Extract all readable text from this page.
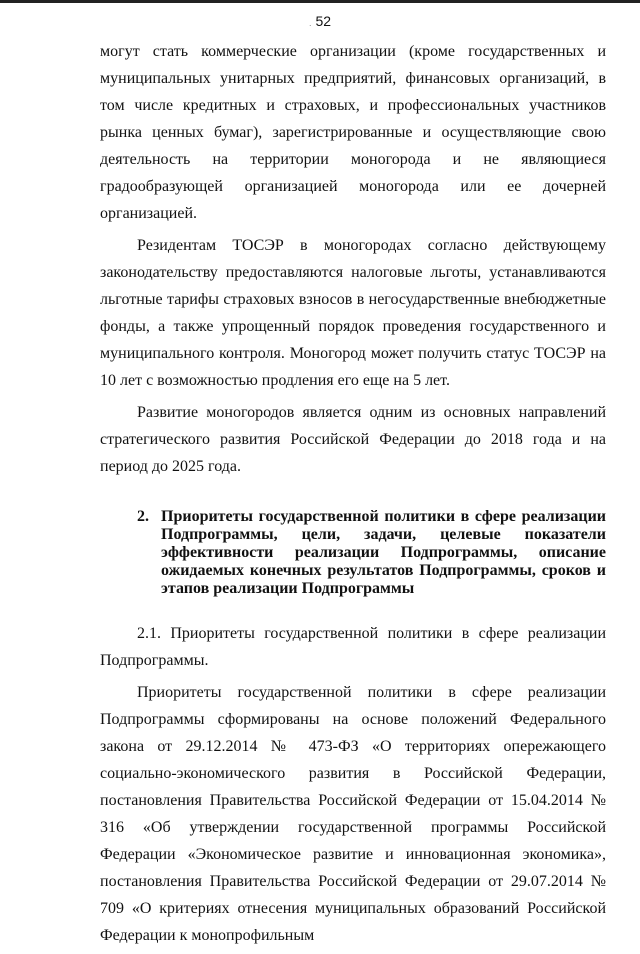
. 52

могут стать коммерческие организации (кроме государственных и муниципальных унитарных предприятий, финансовых организаций, в том числе кредитных и страховых, и профессиональных участников рынка ценных бумаг), зарегистрированные и осуществляющие свою деятельность на территории моногорода и не являющиеся градообразующей организацией моногорода или ее дочерней организацией.

Резидентам ТОСЭР в моногородах согласно действующему законодательству предоставляются налоговые льготы, устанавливаются льготные тарифы страховых взносов в негосударственные внебюджетные фонды, а также упрощенный порядок проведения государственного и муниципального контроля. Моногород может получить статус ТОСЭР на 10 лет с возможностью продления его еще на 5 лет.

Развитие моногородов является одним из основных направлений стратегического развития Российской Федерации до 2018 года и на период до 2025 года.

2. Приоритеты государственной политики в сфере реализации Подпрограммы, цели, задачи, целевые показатели эффективности реализации Подпрограммы, описание ожидаемых конечных результатов Подпрограммы, сроков и этапов реализации Подпрограммы

2.1. Приоритеты государственной политики в сфере реализации Подпрограммы.

Приоритеты государственной политики в сфере реализации Подпрограммы сформированы на основе положений Федерального закона от 29.12.2014 № 473-ФЗ «О территориях опережающего социально-экономического развития в Российской Федерации, постановления Правительства Российской Федерации от 15.04.2014 № 316 «Об утверждении государственной программы Российской Федерации «Экономическое развитие и инновационная экономика», постановления Правительства Российской Федерации от 29.07.2014 № 709 «О критериях отнесения муниципальных образований Российской Федерации к монопрофильным
